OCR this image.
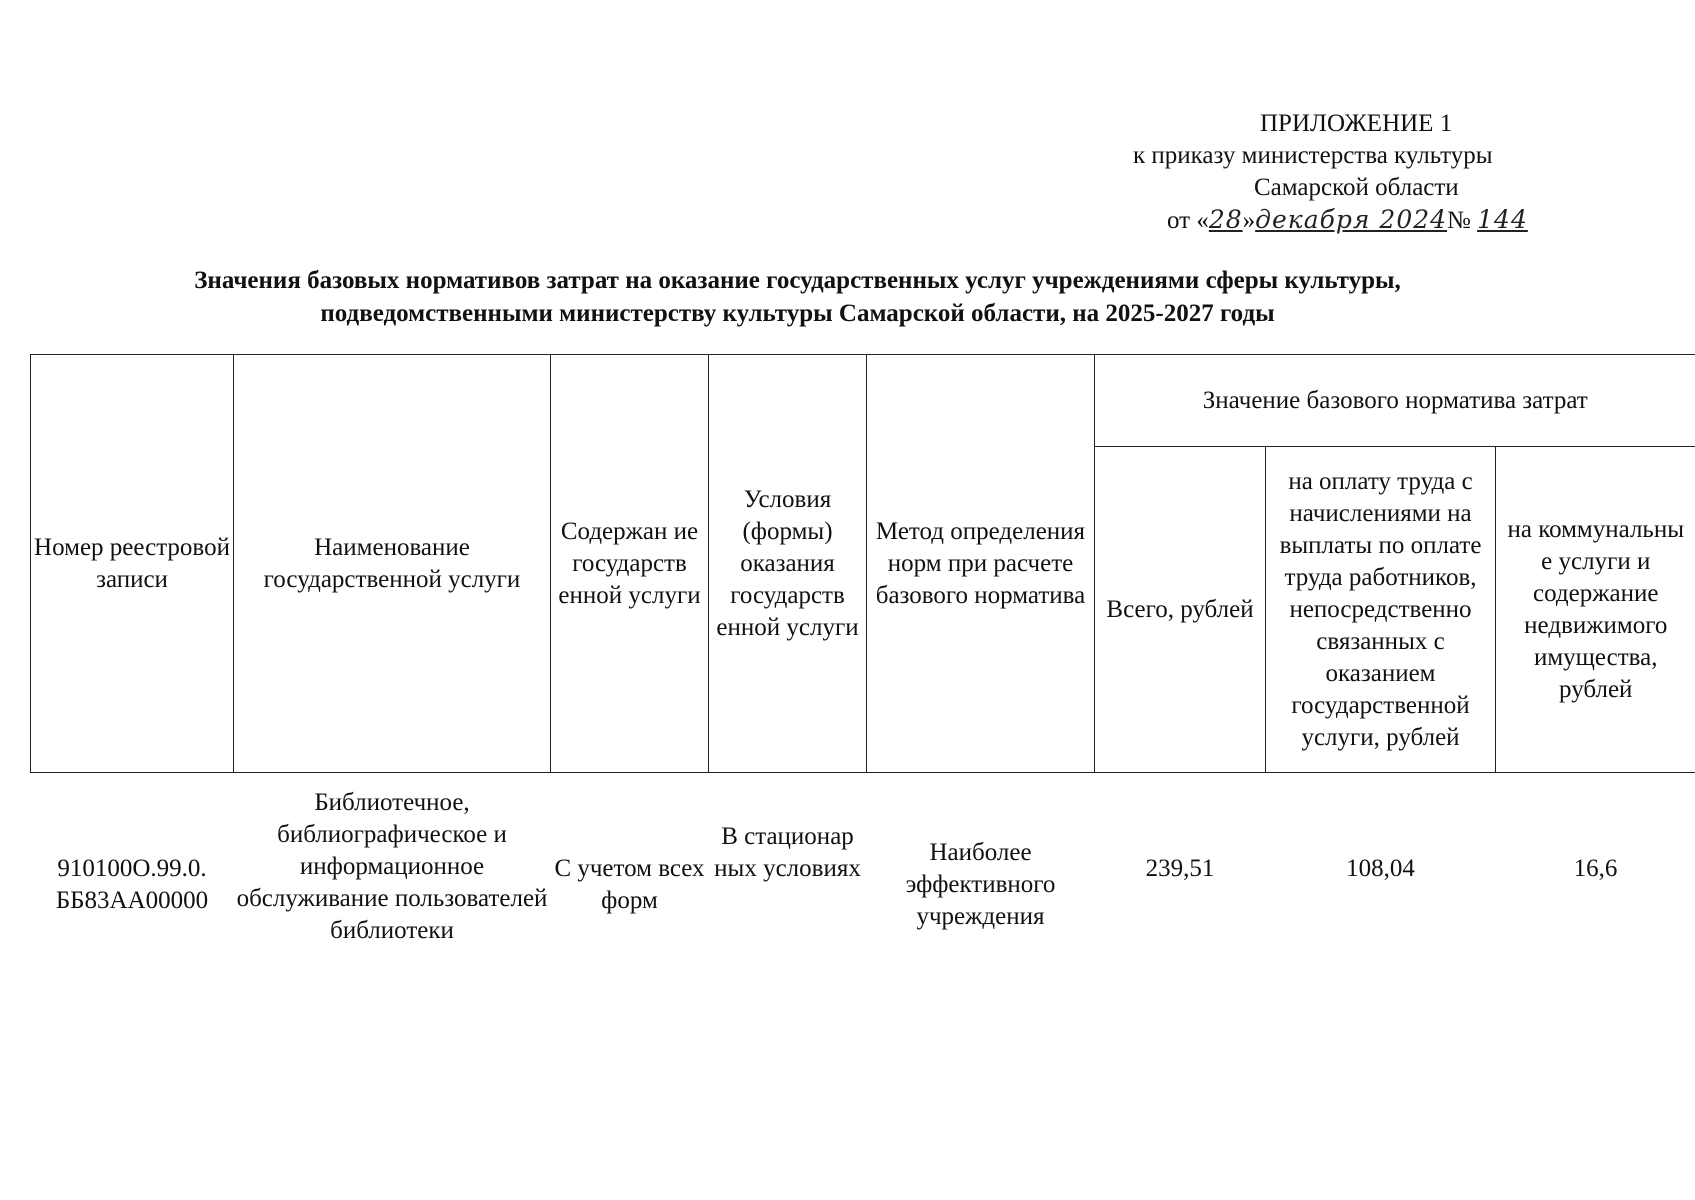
ПРИЛОЖЕНИЕ 1
к приказу министерства культуры
Самарской области
от «28»декабря 2024№ 144
Значения базовых нормативов затрат на оказание государственных услуг учреждениями сферы культуры,
подведомственными министерству культуры Самарской области, на 2025-2027 годы
Номер реестровой записи	Наименование государственной услуги	Содержан ие государств енной услуги	Условия (формы) оказания государств енной услуги	Метод определения норм при расчете базового норматива	Значение базового норматива затрат		
					Всего, рублей	на оплату труда с начислениями на выплаты по оплате труда работников, непосредственно связанных с оказанием государственной услуги, рублей	на коммунальны е услуги и содержание недвижимого имущества, рублей
910100О.99.0. ББ83АА00000	Библиотечное, библиографическое и информационное обслуживание пользователей библиотеки	С учетом всех форм	В стационар ных условиях	Наиболее эффективного учреждения	239,51	108,04	16,6
